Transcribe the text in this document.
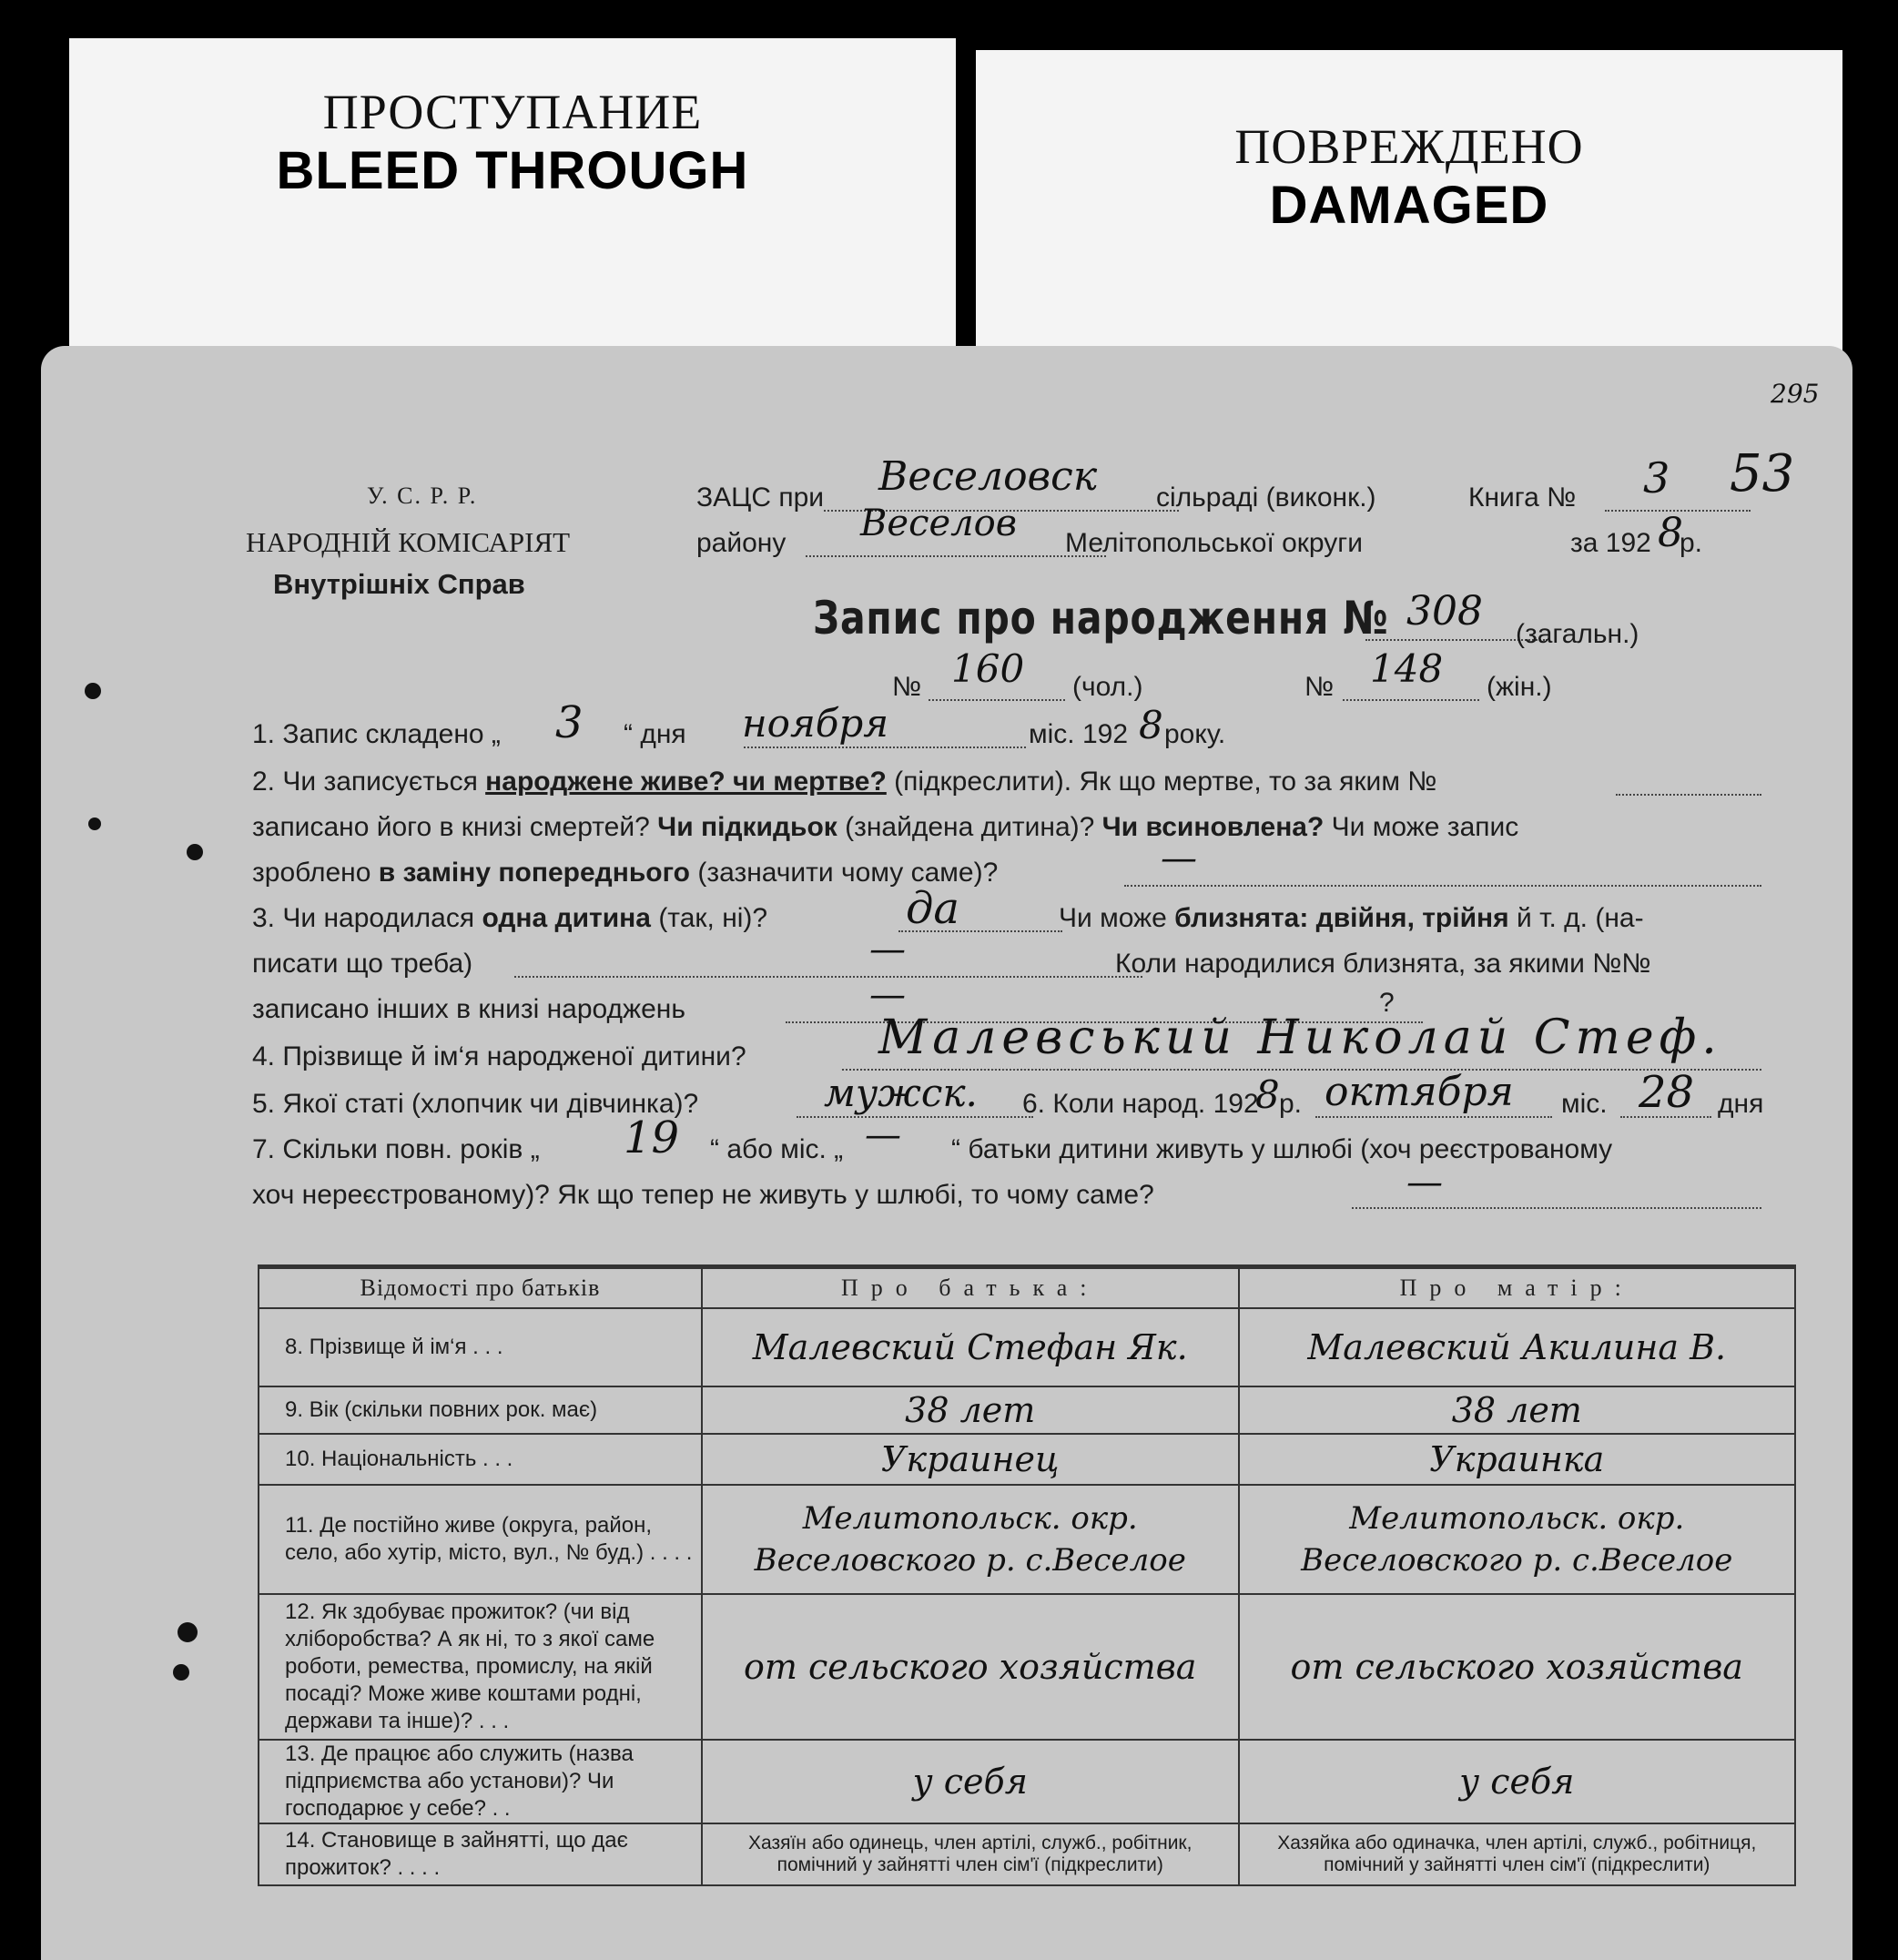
ПРОСТУПАНИЕ
BLEED THROUGH	ПОВРЕЖДЕНО
DAMAGED
295
У. С. Р. Р.
НАРОДНІЙ КОМІСАРІЯТ
Внутрішніх Справ
ЗАЦС при Веселовск сільраді (виконк.)	Книга № 3 53
району Веселов Мелітопольської округи	за 192 8
р.
Запис про народження № 308 (загальн.)
№ 160 (чол.)	№ 148 (жін.)
1. Запис складено „ 3 “ дня ноября	міс. 192 8 року.
2. Чи записується народжене живе? чи мертве? (підкреслити). Як що мертве, то за яким №
записано його в книзі смертей? Чи підкидьок (знайдена дитина)? Чи всиновлена? Чи може запис
зроблено в заміну попереднього (зазначити чому саме)?	—
3. Чи народилася одна дитина (так, ні)?	да	Чи може близнята: двійня, трійня й т. д. (на-
писати що треба)	—	Коли народилися близнята, за якими №№
записано інших в книзі народжень	—	?
4. Прізвище й ім‘я народженої дитини?	Малевський Николай Стеф.
5. Якої статі (хлопчик чи дівчинка)?	мужск. 6. Коли народ. 192
8 р. октября міс. 28 дня
7. Скільки повн. років „ 19 “ або міс. „ — “ батьки дитини живуть у шлюбі (хоч реєстрованому
хоч нереєстрованому)? Як що тепер не живуть у шлюбі, то чому саме?	—
Відомості про батьків	Про батька:	Про матір:
8. Прізвище й ім‘я . . .	Малевский Стефан Як.	Малевский Акилина В.
9. Вік (скільки повних рок. має)	38 лет	38 лет
10. Національність . . .	Украинец	Украинка
11. Де постійно живе (округа, район, село, або хутір, місто, вул., № буд.) . . . .	Мелитопольск. окр. Веселовского р. с.Веселое	Мелитопольск. окр. Веселовского р. с.Веселое
12. Як здобуває прожиток? (чи від хліборобства? А як ні, то з якої саме роботи, ремества, промислу, на якій посаді? Може живе коштами родні, держави та інше)? . . .	от сельского хозяйства	от сельского хозяйства
13. Де працює або служить (назва підприємства або установи)? Чи господарює у себе? . .	у себя	у себя
14. Становище в зайнятті, що дає прожиток? . . . .	Хазяїн або одинець, член артілі, служб., робітник, помічний у зайнятті член сім'ї (підкреслити)	Хазяйка або одиначка, член артілі, служб., робітниця, помічний у зайнятті член сім'ї (підкреслити)
